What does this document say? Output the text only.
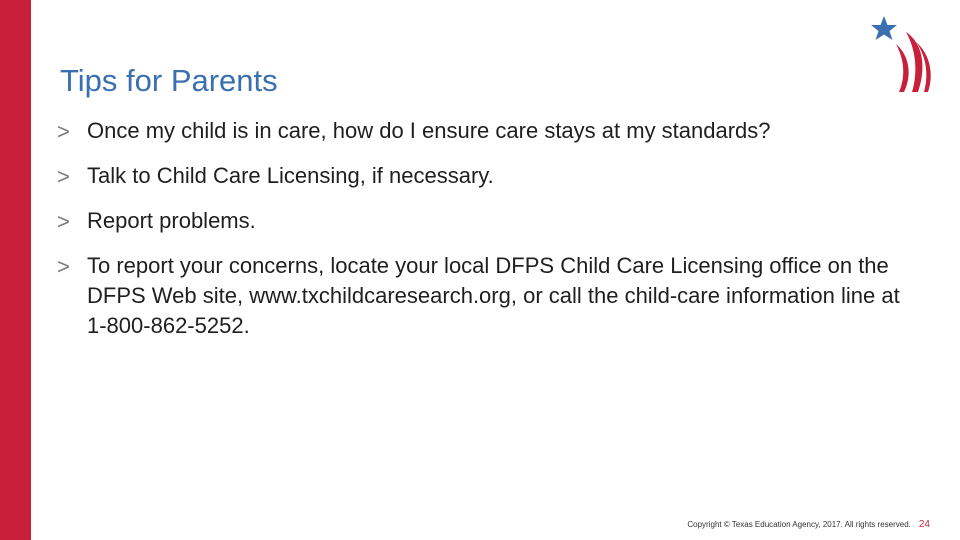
Tips for Parents
> Once my child is in care, how do I ensure care stays at my standards?
> Talk to Child Care Licensing, if necessary.
> Report problems.
> To report your concerns, locate your local DFPS Child Care Licensing office on the DFPS Web site, www.txchildcaresearch.org, or call the child-care information line at 1-800-862-5252.
Copyright © Texas Education Agency, 2017. All rights reserved. 24
